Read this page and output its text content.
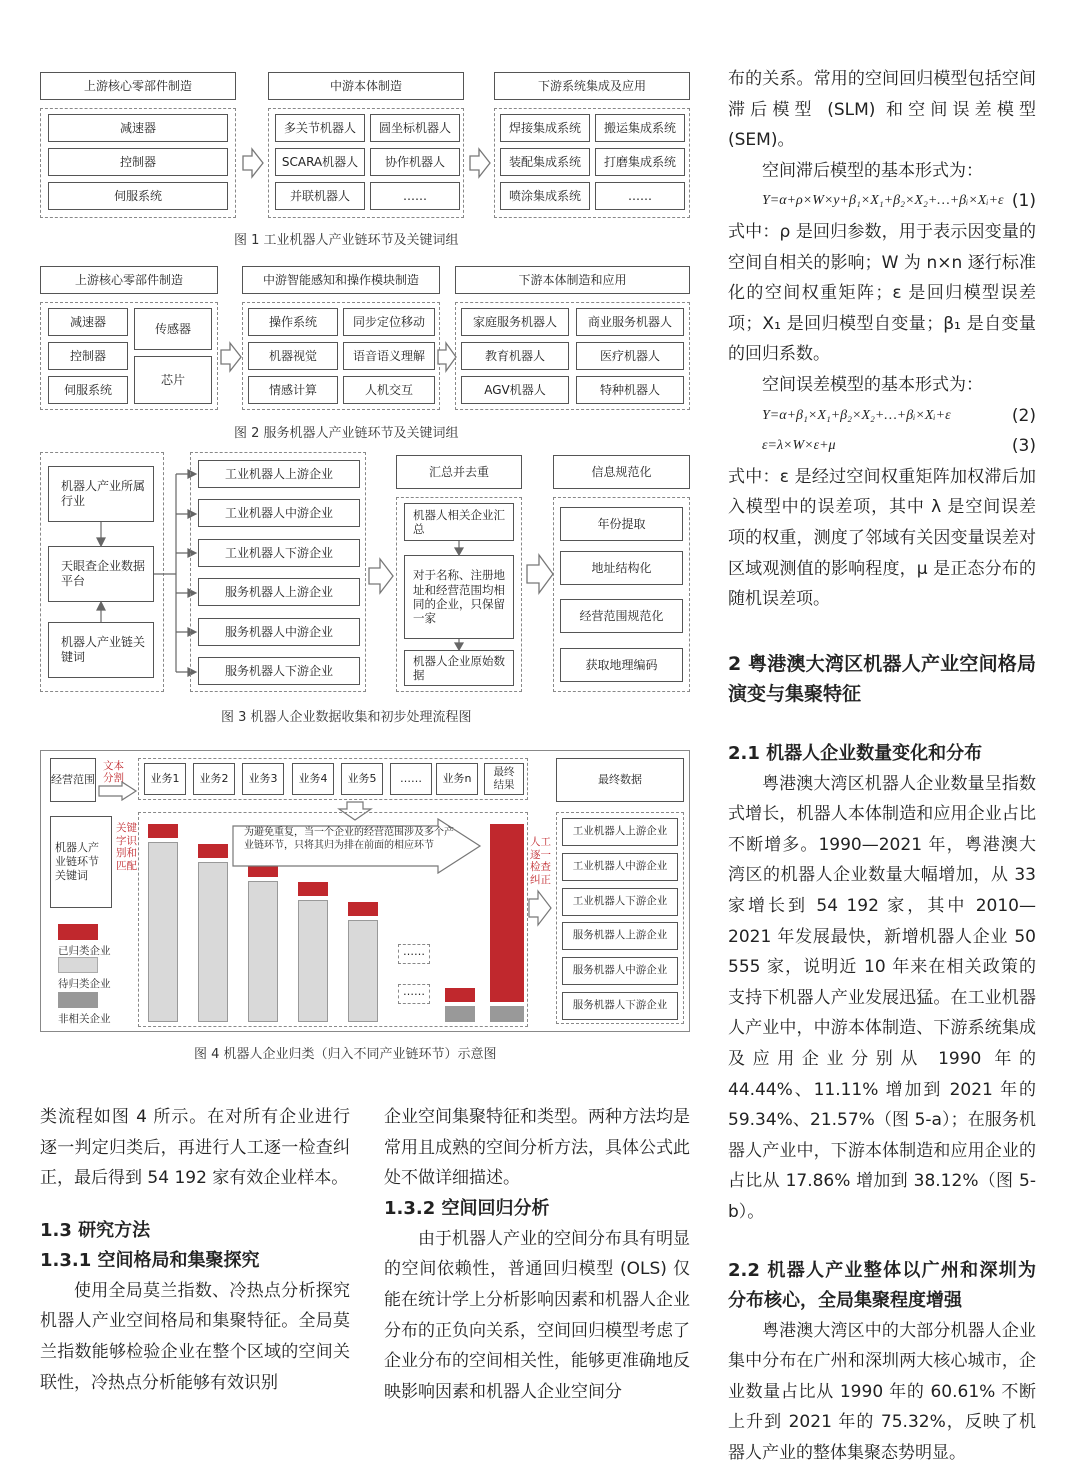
上游核心零部件制造	中游本体制造	下游系统集成及应用
减速器
控制器
伺服系统
多关节机器人	圆坐标机器人
SCARA机器人	协作机器人
并联机器人	……
焊接集成系统	搬运集成系统
装配集成系统	打磨集成系统
喷涂集成系统	……
图 1 工业机器人产业链环节及关键词组
上游核心零部件制造	中游智能感知和操作模块制造	下游本体制造和应用
减速器
控制器
伺服系统
传感器
芯片
操作系统	同步定位移动
机器视觉	语音语义理解
情感计算	人机交互
家庭服务机器人	商业服务机器人
教育机器人	医疗机器人
AGV机器人	特种机器人
图 2 服务机器人产业链环节及关键词组
机器人产业所属行业
天眼查企业数据平台
机器人产业链关键词
工业机器人上游企业
工业机器人中游企业
工业机器人下游企业
服务机器人上游企业
服务机器人中游企业
服务机器人下游企业
汇总并去重
机器人相关企业汇总
对于名称、注册地址和经营范围均相同的企业，只保留一家
机器人企业原始数据
信息规范化
年份提取
地址结构化
经营范围规范化
获取地理编码
图 3 机器人企业数据收集和初步处理流程图
经营范围
文本分割	业务1	业务2	业务3	业务4	业务5	……	业务n
最终结果
机器人产业链环节关键词
关键字识别和匹配
已归类企业
待归类企业
非相关企业
……
……
为避免重复，当一个企业的经营范围涉及多个产业链环节，只将其归为排在前面的相应环节	人工逐一检查纠正
最终数据
工业机器人上游企业
工业机器人中游企业
工业机器人下游企业
服务机器人上游企业
服务机器人中游企业
服务机器人下游企业
图 4 机器人企业归类（归入不同产业链环节）示意图

类流程如图 4 所示。在对所有企业进行逐一判定归类后，再进行人工逐一检查纠正，最后得到 54 192 家有效企业样本。

1.3 研究方法

1.3.1 空间格局和集聚探究

使用全局莫兰指数、冷热点分析探究机器人产业空间格局和集聚特征。全局莫兰指数能够检验企业在整个区域的空间关联性，冷热点分析能够有效识别

企业空间集聚特征和类型。两种方法均是常用且成熟的空间分析方法，具体公式此处不做详细描述。

1.3.2 空间回归分析

由于机器人产业的空间分布具有明显的空间依赖性，普通回归模型 (OLS) 仅能在统计学上分析影响因素和机器人企业分布的正负向关系，空间回归模型考虑了企业分布的空间相关性，能够更准确地反映影响因素和机器人企业空间分

布的关系。常用的空间回归模型包括空间滞后模型 (SLM) 和空间误差模型 (SEM)。

空间滞后模型的基本形式为：

Y=α+ρ×W×y+β₁×X₁+β₂×X₂+…+βᵢ×Xᵢ+ε (1)

式中：ρ 是回归参数，用于表示因变量的空间自相关的影响；W 为 n×n 逐行标准化的空间权重矩阵；ε 是回归模型误差项；X₁ 是回归模型自变量；β₁ 是自变量的回归系数。

空间误差模型的基本形式为：

Y=α+β₁×X₁+β₂×X₂+…+βᵢ×Xᵢ+ε	(2)

ε=λ×W×ε+μ	(3)

式中：ε 是经过空间权重矩阵加权滞后加入模型中的误差项，其中 λ 是空间误差项的权重，测度了邻域有关因变量误差对区域观测值的影响程度，μ 是正态分布的随机误差项。

2 粤港澳大湾区机器人产业空间格局演变与集聚特征

2.1 机器人企业数量变化和分布

粤港澳大湾区机器人企业数量呈指数式增长，机器人本体制造和应用企业占比不断增多。1990—2021 年，粤港澳大湾区的机器人企业数量大幅增加，从 33 家增长到 54 192 家，其中 2010—2021 年发展最快，新增机器人企业 50 555 家，说明近 10 年来在相关政策的支持下机器人产业发展迅猛。在工业机器人产业中，中游本体制造、下游系统集成及应用企业分别从 1990 年的 44.44%、11.11% 增加到 2021 年的 59.34%、21.57%（图 5-a）；在服务机器人产业中，下游本体制造和应用企业的占比从 17.86% 增加到 38.12%（图 5-b）。

2.2 机器人产业整体以广州和深圳为分布核心，全局集聚程度增强

粤港澳大湾区中的大部分机器人企业集中分布在广州和深圳两大核心城市，企业数量占比从 1990 年的 60.61% 不断上升到 2021 年的 75.32%，反映了机器人产业的整体集聚态势明显。
